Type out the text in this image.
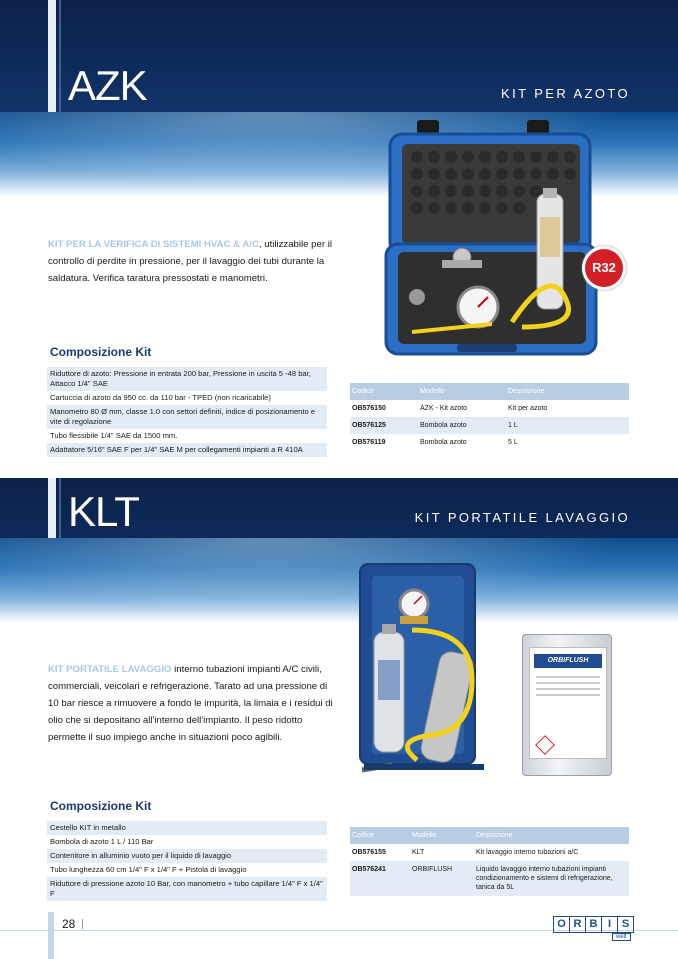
AZK	KIT PER AZOTO
R32
KIT PER LA VERIFICA DI SISTEMI HVAC & A/C, utilizzabile per il controllo di perdite in pressione, per il lavaggio dei tubi durante la saldatura. Verifica taratura pressostati e manometri.
Composizione Kit
Riduttore di azoto: Pressione in entrata 200 bar, Pressione in uscita 5 -48 bar, Attacco 1/4" SAE
Cartuccia di azoto da 950 cc. da 110 bar - TPED (non ricaricabile)
Manometro 80 Ø mm, classe 1.0 con settori definiti, indice di posizionamento e vite di regolazione
Tubo flessibile 1/4" SAE da 1500 mm.
Adattatore 5/16" SAE F per 1/4" SAE M per collegamenti impianti a R 410A
Codice	Modello	Descrizione
OB576150	AZK - Kit azoto	Kit per azoto
OB576125	Bombola azoto	1 L
OB576119	Bombola azoto	5 L
KLT	KIT PORTATILE LAVAGGIO
ORBIFLUSH
KIT PORTATILE LAVAGGIO interno tubazioni impianti A/C civili, commerciali, veicolari e refrigerazione. Tarato ad una pressione di 10 bar riesce a rimuovere a fondo le impurità, la limaia e i residui di olio che si depositano all'interno dell'impianto. Il peso ridotto permette il suo impiego anche in situazioni poco agibili.
Composizione Kit
Cestello KIT in metallo
Bombola di azoto 1 L / 110 Bar
Contenitore in alluminio vuoto per il liquido di lavaggio
Tubo lunghezza 60 cm 1/4" F x 1/4" F + Pistola di lavaggio
Riduttore di pressione azoto 10 Bar, con manometro + tubo capillare 1/4" F x 1/4" F
Codice	Modello	Descrizione
OB576155	KLT	Kit lavaggio interno tubazioni a/C
OB576241	ORBIFLUSH	Liquido lavaggio interno tubazioni impianti condizionamento e sistemi di refrigerazione, tanica da 5L
28	O R B I S
welt
